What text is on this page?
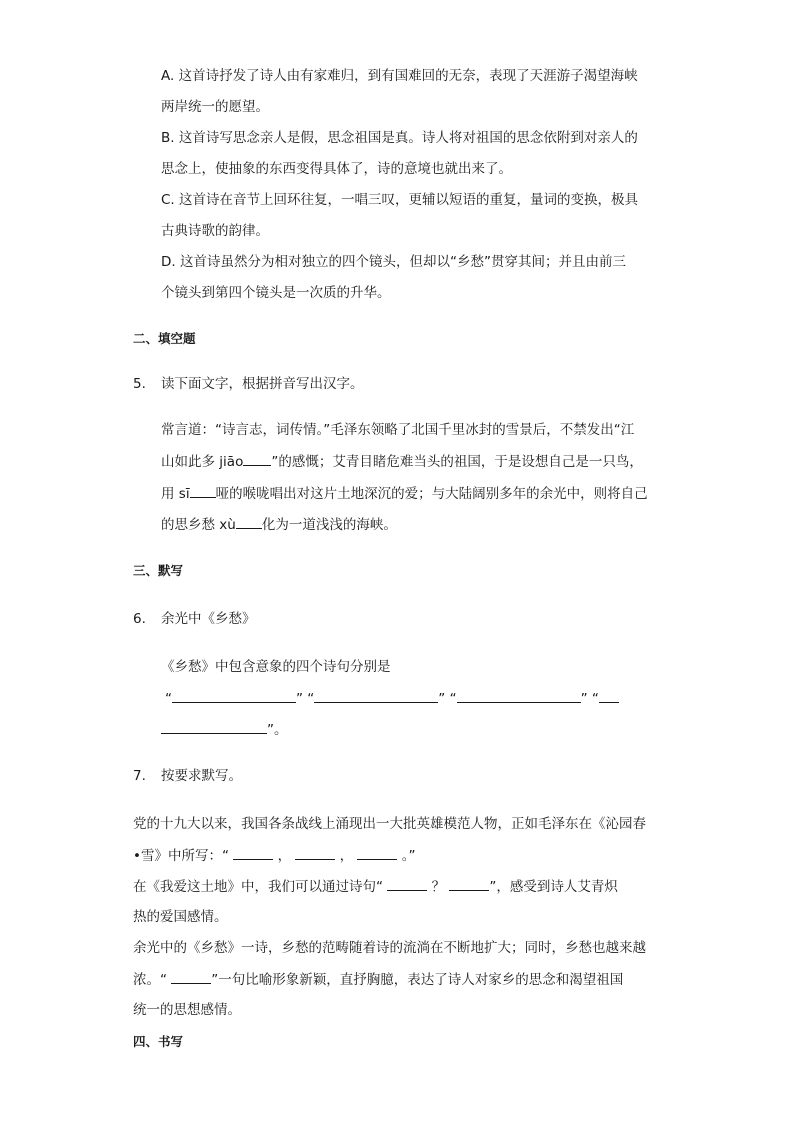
A. 这首诗抒发了诗人由有家难归，到有国难回的无奈，表现了天涯游子渴望海峡
两岸统一的愿望。
B. 这首诗写思念亲人是假，思念祖国是真。诗人将对祖国的思念依附到对亲人的
思念上，使抽象的东西变得具体了，诗的意境也就出来了。
C. 这首诗在音节上回环往复，一唱三叹，更辅以短语的重复，量词的变换，极具
古典诗歌的韵律。
D. 这首诗虽然分为相对独立的四个镜头，但却以“乡愁”贯穿其间；并且由前三
个镜头到第四个镜头是一次质的升华。
二、填空题
5. 读下面文字，根据拼音写出汉字。
常言道：“诗言志，词传情。”毛泽东领略了北国千里冰封的雪景后，不禁发出“江
山如此多 jiāo ”的感慨；艾青目睹危难当头的祖国，于是设想自己是一只鸟，
用 sī 哑的喉咙唱出对这片土地深沉的爱；与大陆阔别多年的余光中，则将自己
的思乡愁 xù 化为一道浅浅的海峡。
三、默写
6. 余光中《乡愁》
《乡愁》中包含意象的四个诗句分别是
“	” “	” “	” “
”。
7. 按要求默写。
党的十九大以来，我国各条战线上涌现出一大批英雄模范人物，正如毛泽东在《沁园春
•雪》中所写：“	，	，	。”
在《我爱这土地》中，我们可以通过诗句“	？	”，感受到诗人艾青炽
热的爱国感情。
余光中的《乡愁》一诗，乡愁的范畴随着诗的流淌在不断地扩大；同时，乡愁也越来越
浓。“	”一句比喻形象新颖，直抒胸臆，表达了诗人对家乡的思念和渴望祖国
统一的思想感情。
四、书写
